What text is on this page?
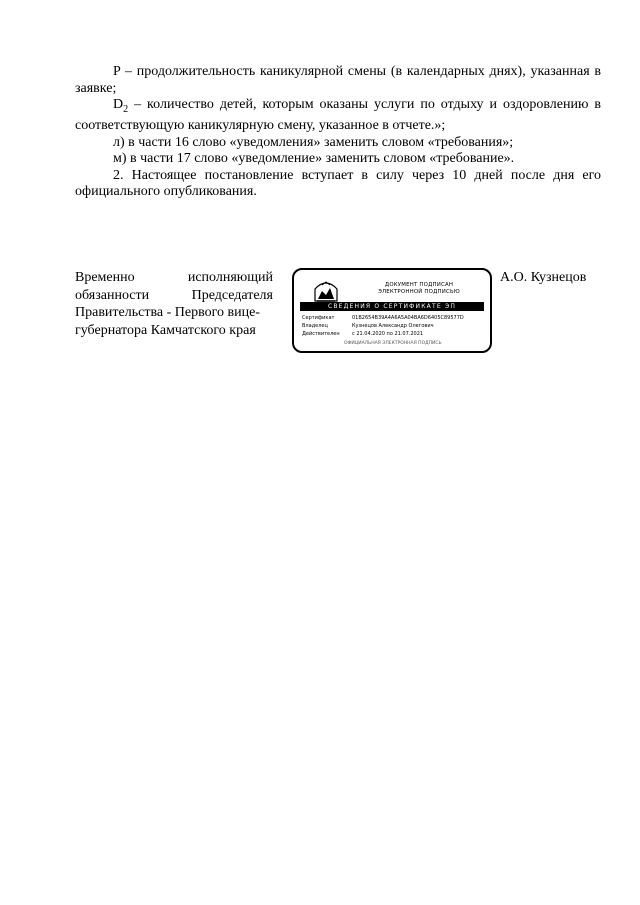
P – продолжительность каникулярной смены (в календарных днях), указанная в заявке;

$D_2$ – количество детей, которым оказаны услуги по отдыху и оздоровлению в соответствующую каникулярную смену, указанное в отчете.»;

л) в части 16 слово «уведомления» заменить словом «требования»;

м) в части 17 слово «уведомление» заменить словом «требование».

2. Настоящее постановление вступает в силу через 10 дней после дня его официального опубликования.

Временно	исполняющий
обязанности	Председателя
Правительства - Первого вице-
губернатора Камчатского края
ДОКУМЕНТ ПОДПИСАН
ЭЛЕКТРОННОЙ ПОДПИСЬЮ
СВЕДЕНИЯ О СЕРТИФИКАТЕ ЭП
Сертификат	01B2654B39A4A6A5A04BA6D6405C89577D
Владелец	Кузнецов Александр Олегович
Действителен с 21.04.2020 по 21.07.2021
ОФИЦИАЛЬНАЯ ЭЛЕКТРОННАЯ ПОДПИСЬ
А.О. Кузнецов
